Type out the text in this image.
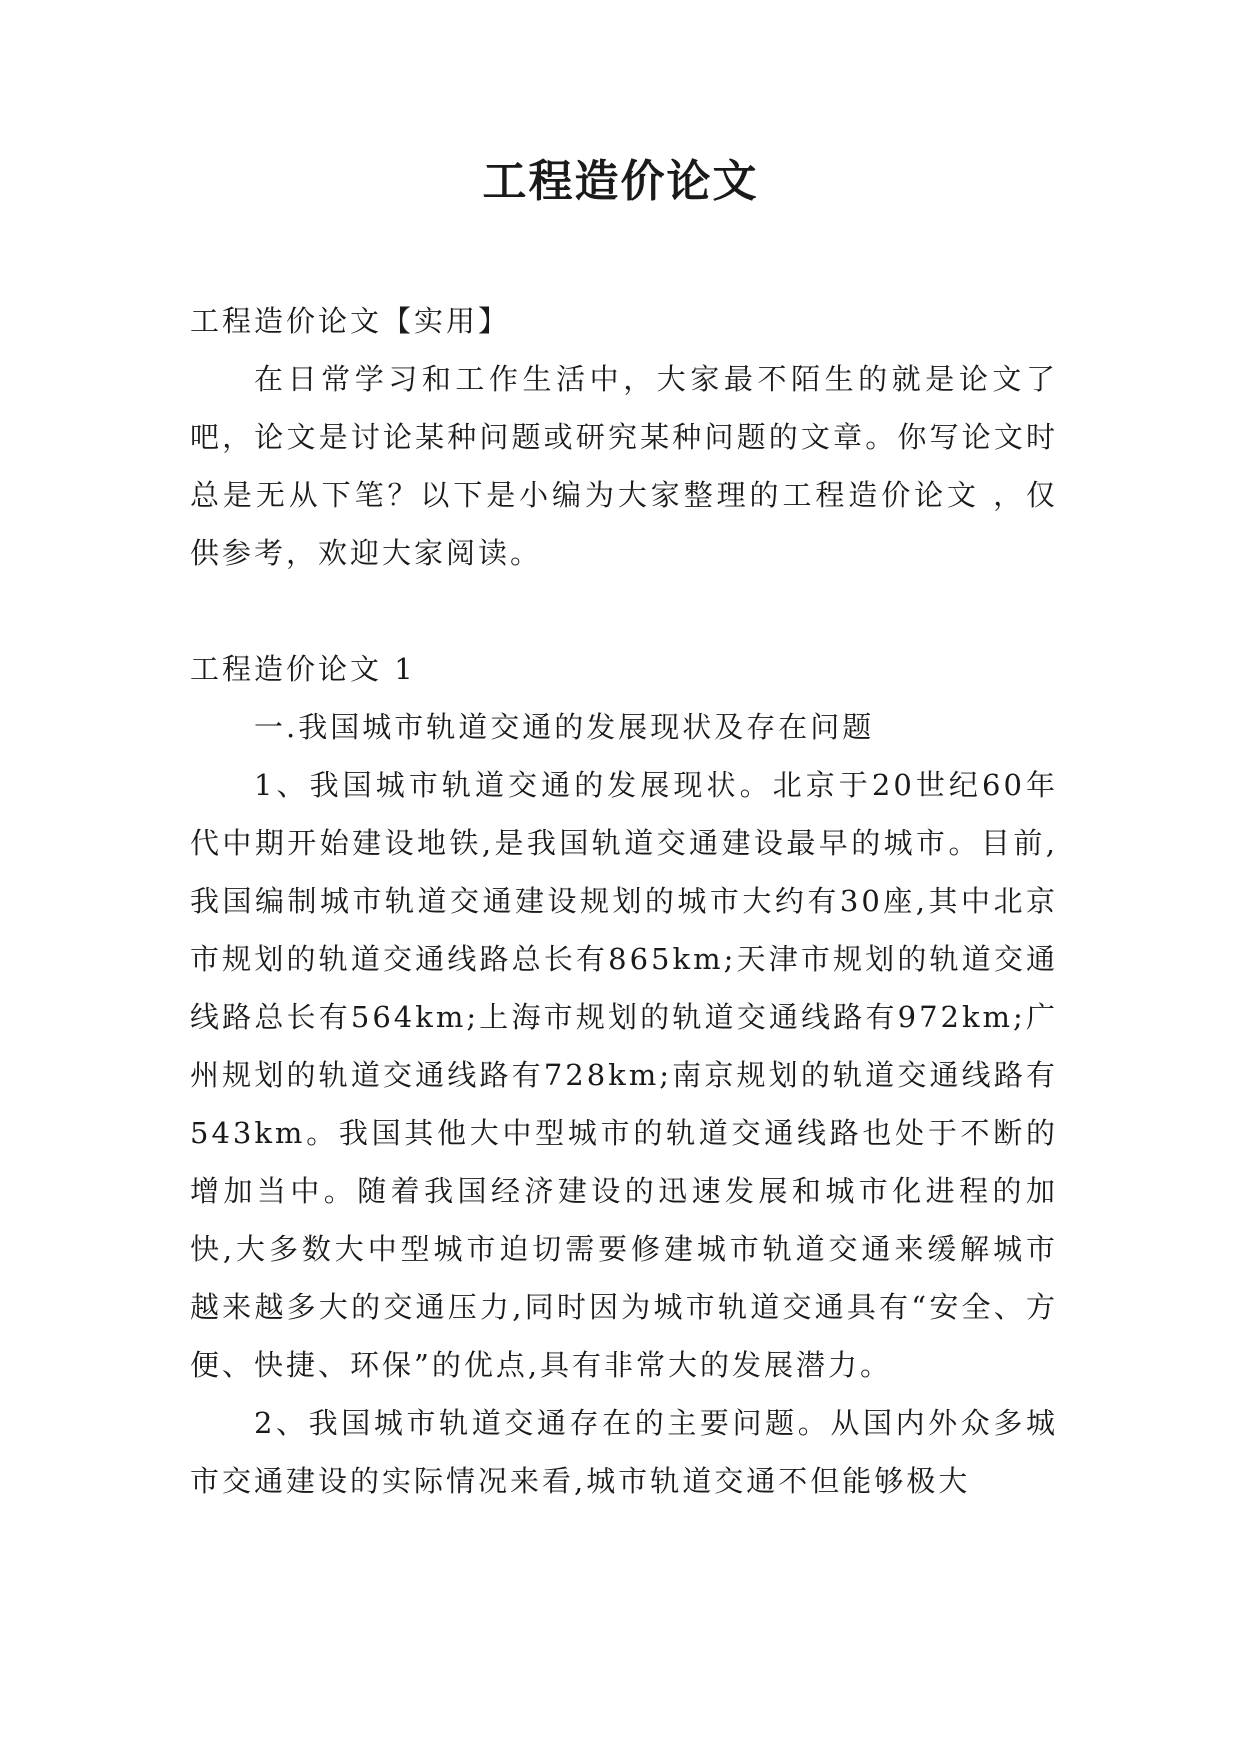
工程造价论文

工程造价论文【实用】

在日常学习和工作生活中，大家最不陌生的就是论文了吧，论文是讨论某种问题或研究某种问题的文章。你写论文时总是无从下笔？以下是小编为大家整理的工程造价论文 ，仅供参考，欢迎大家阅读。

工程造价论文 1

一.我国城市轨道交通的发展现状及存在问题

1、我国城市轨道交通的发展现状。北京于20世纪60年代中期开始建设地铁,是我国轨道交通建设最早的城市。目前,我国编制城市轨道交通建设规划的城市大约有30座,其中北京市规划的轨道交通线路总长有865km;天津市规划的轨道交通线路总长有564km;上海市规划的轨道交通线路有972km;广州规划的轨道交通线路有728km;南京规划的轨道交通线路有543km。我国其他大中型城市的轨道交通线路也处于不断的增加当中。随着我国经济建设的迅速发展和城市化进程的加快,大多数大中型城市迫切需要修建城市轨道交通来缓解城市越来越多大的交通压力,同时因为城市轨道交通具有“安全、方便、快捷、环保”的优点,具有非常大的发展潜力。

2、我国城市轨道交通存在的主要问题。从国内外众多城市交通建设的实际情况来看,城市轨道交通不但能够极大
